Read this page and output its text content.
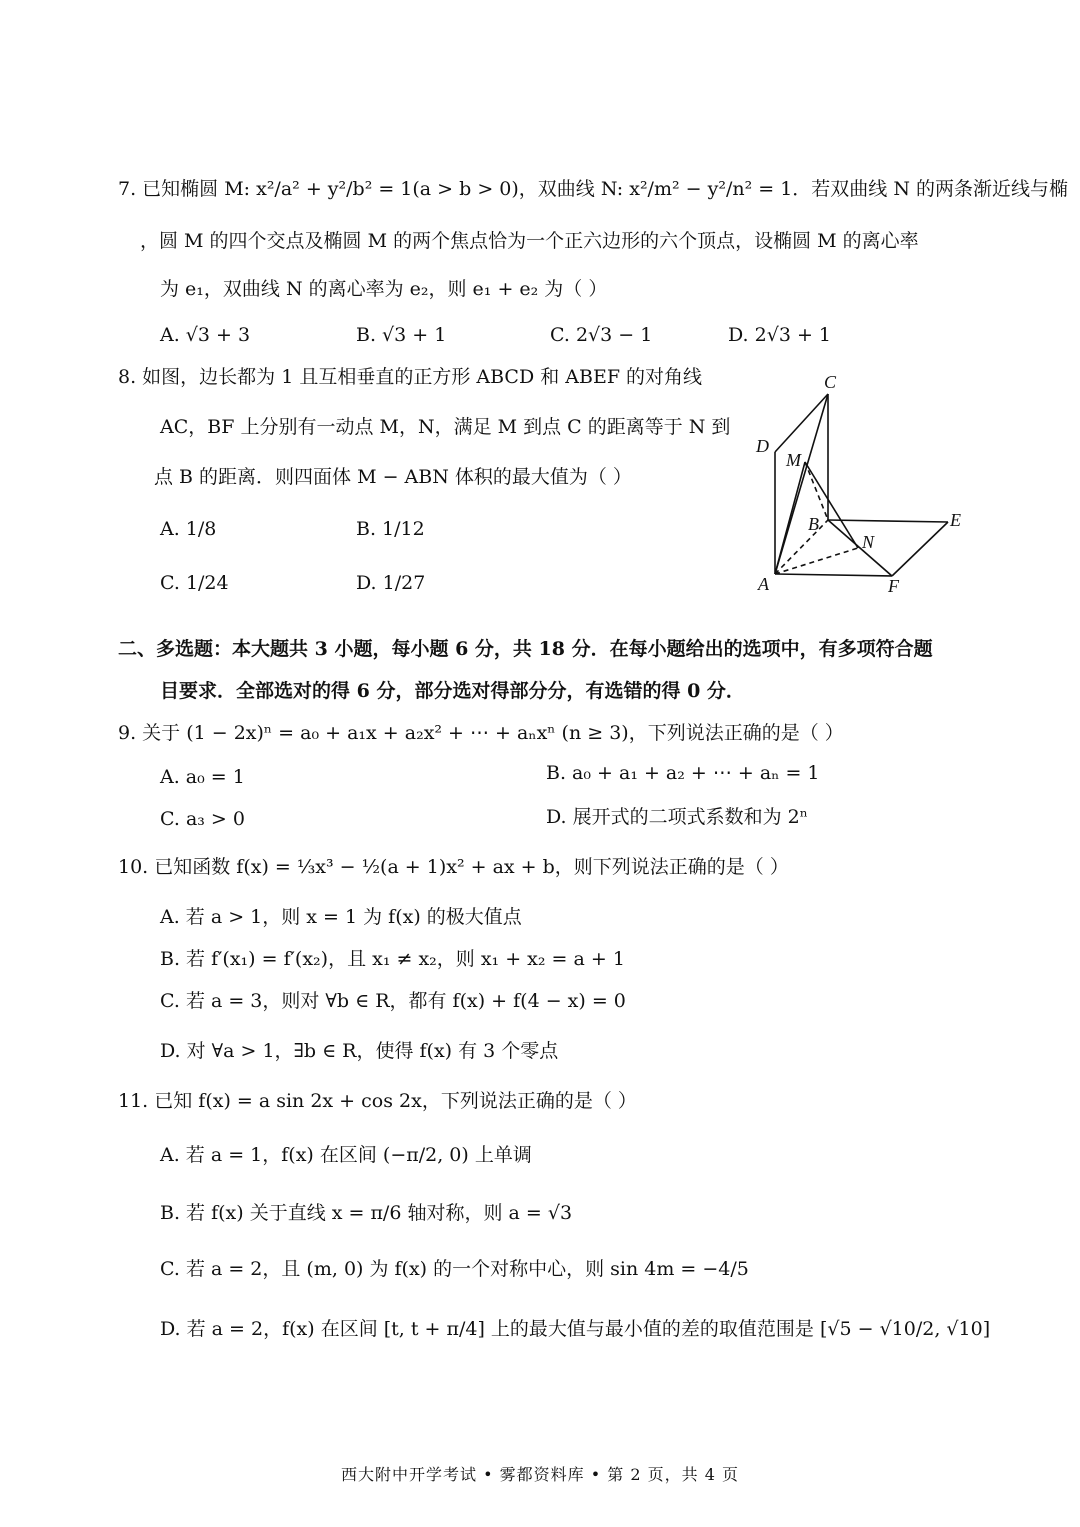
7. 已知椭圆 M: x²/a² + y²/b² = 1(a > b > 0)，双曲线 N: x²/m² − y²/n² = 1．若双曲线 N 的两条渐近线与椭
，圆 M 的四个交点及椭圆 M 的两个焦点恰为一个正六边形的六个顶点，设椭圆 M 的离心率
为 e₁，双曲线 N 的离心率为 e₂，则 e₁ + e₂ 为（ ）
A. √3 + 3	B. √3 + 1	C. 2√3 − 1	D. 2√3 + 1
8. 如图，边长都为 1 且互相垂直的正方形 ABCD 和 ABEF 的对角线
AC，BF 上分别有一动点 M，N，满足 M 到点 C 的距离等于 N 到
点 B 的距离．则四面体 M − ABN 体积的最大值为（ ）
A. 1/8	B. 1/12
C. 1/24	D. 1/27
C
D
M
B
N
E
A	F
二、多选题：本大题共 3 小题，每小题 6 分，共 18 分．在每小题给出的选项中，有多项符合题
目要求．全部选对的得 6 分，部分选对得部分分，有选错的得 0 分．
9. 关于 (1 − 2x)ⁿ = a₀ + a₁x + a₂x² + ⋯ + aₙxⁿ (n ≥ 3)，下列说法正确的是（ ）
A. a₀ = 1	B. a₀ + a₁ + a₂ + ⋯ + aₙ = 1
C. a₃ > 0	D. 展开式的二项式系数和为 2ⁿ
10. 已知函数 f(x) = ⅓x³ − ½(a + 1)x² + ax + b，则下列说法正确的是（ ）
A. 若 a > 1，则 x = 1 为 f(x) 的极大值点
B. 若 f′(x₁) = f′(x₂)，且 x₁ ≠ x₂，则 x₁ + x₂ = a + 1
C. 若 a = 3，则对 ∀b ∈ R，都有 f(x) + f(4 − x) = 0
D. 对 ∀a > 1，∃b ∈ R，使得 f(x) 有 3 个零点
11. 已知 f(x) = a sin 2x + cos 2x，下列说法正确的是（ ）
A. 若 a = 1，f(x) 在区间 (−π/2, 0) 上单调
B. 若 f(x) 关于直线 x = π/6 轴对称，则 a = √3
C. 若 a = 2，且 (m, 0) 为 f(x) 的一个对称中心，则 sin 4m = −4/5
D. 若 a = 2，f(x) 在区间 [t, t + π/4] 上的最大值与最小值的差的取值范围是 [√5 − √10/2, √10]
西大附中开学考试 • 雾都资料库 • 第 2 页，共 4 页
